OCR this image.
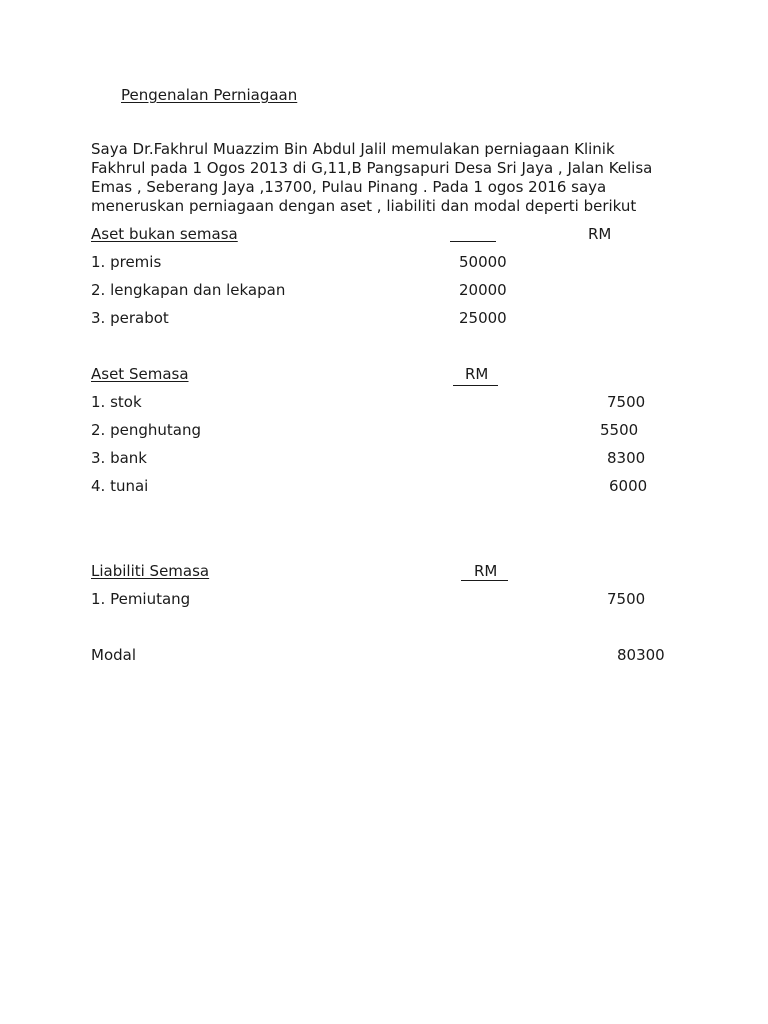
Pengenalan Perniagaan
Saya Dr.Fakhrul Muazzim Bin Abdul Jalil memulakan perniagaan Klinik
Fakhrul pada 1 Ogos 2013 di G,11,B Pangsapuri Desa Sri Jaya , Jalan Kelisa
Emas , Seberang Jaya ,13700, Pulau Pinang . Pada 1 ogos 2016 saya
meneruskan perniagaan dengan aset , liabiliti dan modal deperti berikut
Aset bukan semasa	RM
1. premis	50000
2. lengkapan dan lekapan	20000
3. perabot	25000
Aset Semasa	RM
1. stok	7500
2. penghutang	5500
3. bank	8300
4. tunai	6000
Liabiliti Semasa	RM
1. Pemiutang	7500
Modal	80300
